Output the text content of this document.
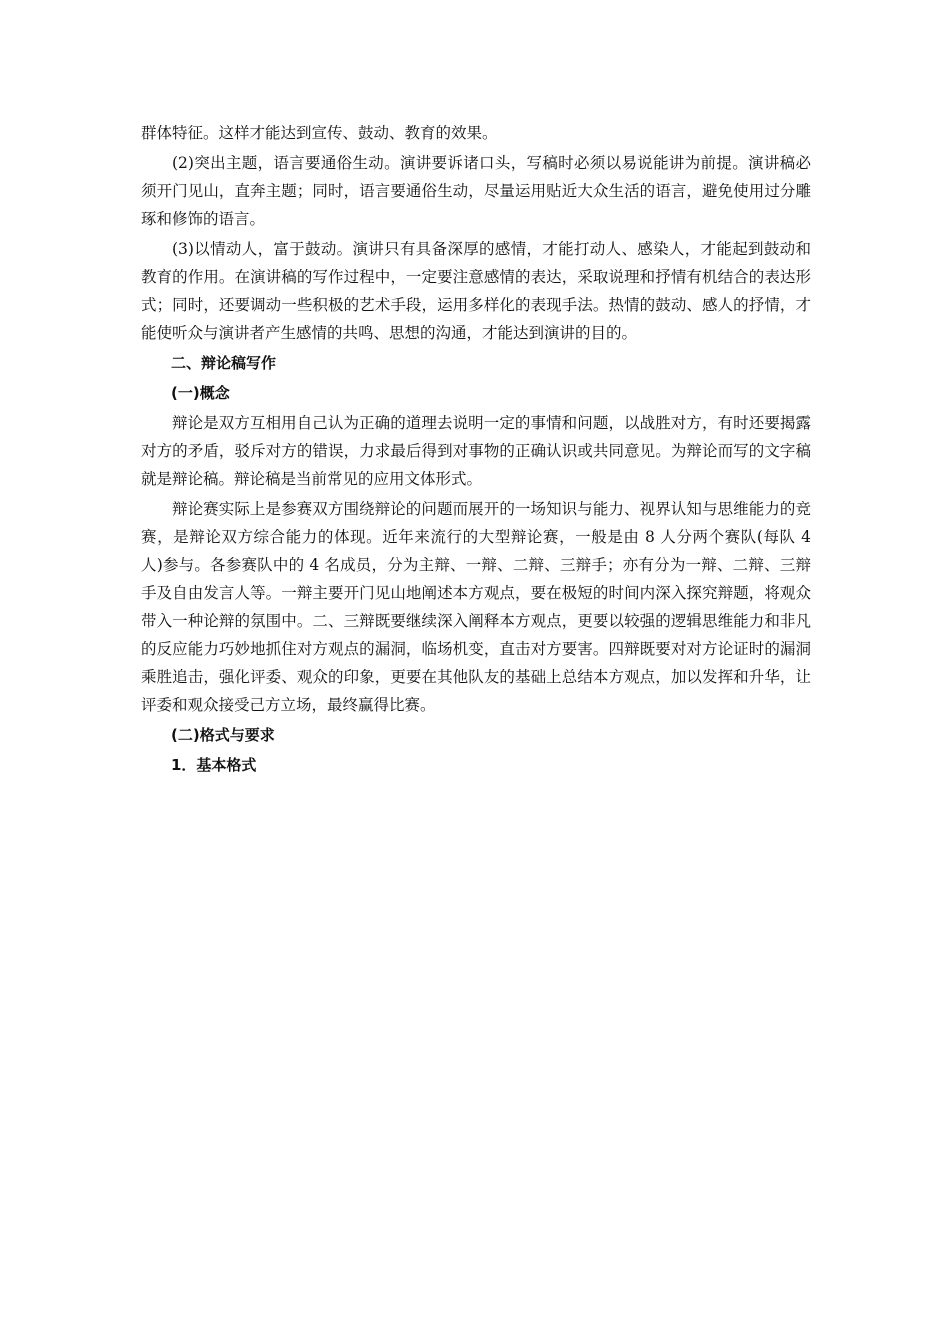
群体特征。这样才能达到宣传、鼓动、教育的效果。

(2)突出主题，语言要通俗生动。演讲要诉诸口头，写稿时必须以易说能讲为前提。演讲稿必须开门见山，直奔主题；同时，语言要通俗生动，尽量运用贴近大众生活的语言，避免使用过分雕琢和修饰的语言。

(3)以情动人，富于鼓动。演讲只有具备深厚的感情，才能打动人、感染人，才能起到鼓动和教育的作用。在演讲稿的写作过程中，一定要注意感情的表达，采取说理和抒情有机结合的表达形式；同时，还要调动一些积极的艺术手段，运用多样化的表现手法。热情的鼓动、感人的抒情，才能使听众与演讲者产生感情的共鸣、思想的沟通，才能达到演讲的目的。

二、辩论稿写作
(一)概念

辩论是双方互相用自己认为正确的道理去说明一定的事情和问题，以战胜对方，有时还要揭露对方的矛盾，驳斥对方的错误，力求最后得到对事物的正确认识或共同意见。为辩论而写的文字稿就是辩论稿。辩论稿是当前常见的应用文体形式。

辩论赛实际上是参赛双方围绕辩论的问题而展开的一场知识与能力、视界认知与思维能力的竞赛，是辩论双方综合能力的体现。近年来流行的大型辩论赛，一般是由 8 人分两个赛队(每队 4 人)参与。各参赛队中的 4 名成员，分为主辩、一辩、二辩、三辩手；亦有分为一辩、二辩、三辩手及自由发言人等。一辩主要开门见山地阐述本方观点，要在极短的时间内深入探究辩题，将观众带入一种论辩的氛围中。二、三辩既要继续深入阐释本方观点，更要以较强的逻辑思维能力和非凡的反应能力巧妙地抓住对方观点的漏洞，临场机变，直击对方要害。四辩既要对对方论证时的漏洞乘胜追击，强化评委、观众的印象，更要在其他队友的基础上总结本方观点，加以发挥和升华，让评委和观众接受己方立场，最终赢得比赛。

(二)格式与要求
1．基本格式
